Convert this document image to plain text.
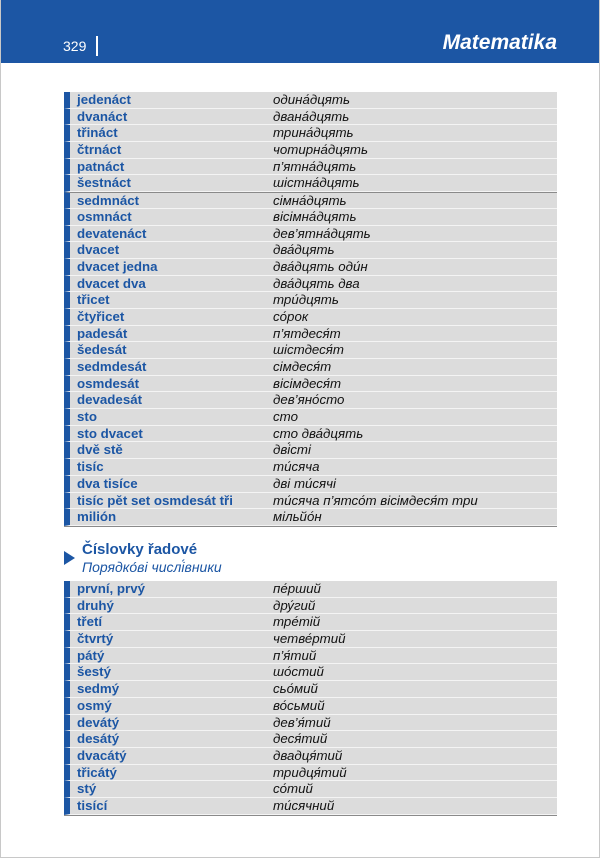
329	Matematika
jedenáct	одина́дцять
dvanáct	двана́дцять
třináct	трина́дцять
čtrnáct	чотирна́дцять
patnáct	п’ятна́дцять
šestnáct	шістна́дцять
sedmnáct	сімна́дцять
osmnáct	вісімна́дцять
devatenáct	дев’ятна́дцять
dvacet	два́дцять
dvacet jedna	два́дцять оди́н
dvacet dva	два́дцять два
třicet	три́дцять
čtyřicet	со́рок
padesát	п’ятдеся́т
šedesát	шістдеся́т
sedmdesát	сімдеся́т
osmdesát	вісімдеся́т
devadesát	дев’яно́сто
sto	сто
sto dvacet	сто два́дцять
dvě stě	дві́сті
tisíc	ти́сяча
dva tisíce	дві ти́сячі
tisíc pět set osmdesát tři	ти́сяча п’ятсо́т вісімдеся́т три
milión	мільйо́н
Číslovky řadové
Порядко́ві числі́вники
první, prvý	пе́рший
druhý	дру́гий
třetí	тре́тій
čtvrtý	четве́ртий
pátý	п’я́тий
šestý	шо́стий
sedmý	сьо́мий
osmý	во́сьмий
devátý	дев’я́тий
desátý	деся́тий
dvacátý	двадця́тий
třicátý	тридця́тий
stý	со́тий
tisící	ти́сячний
